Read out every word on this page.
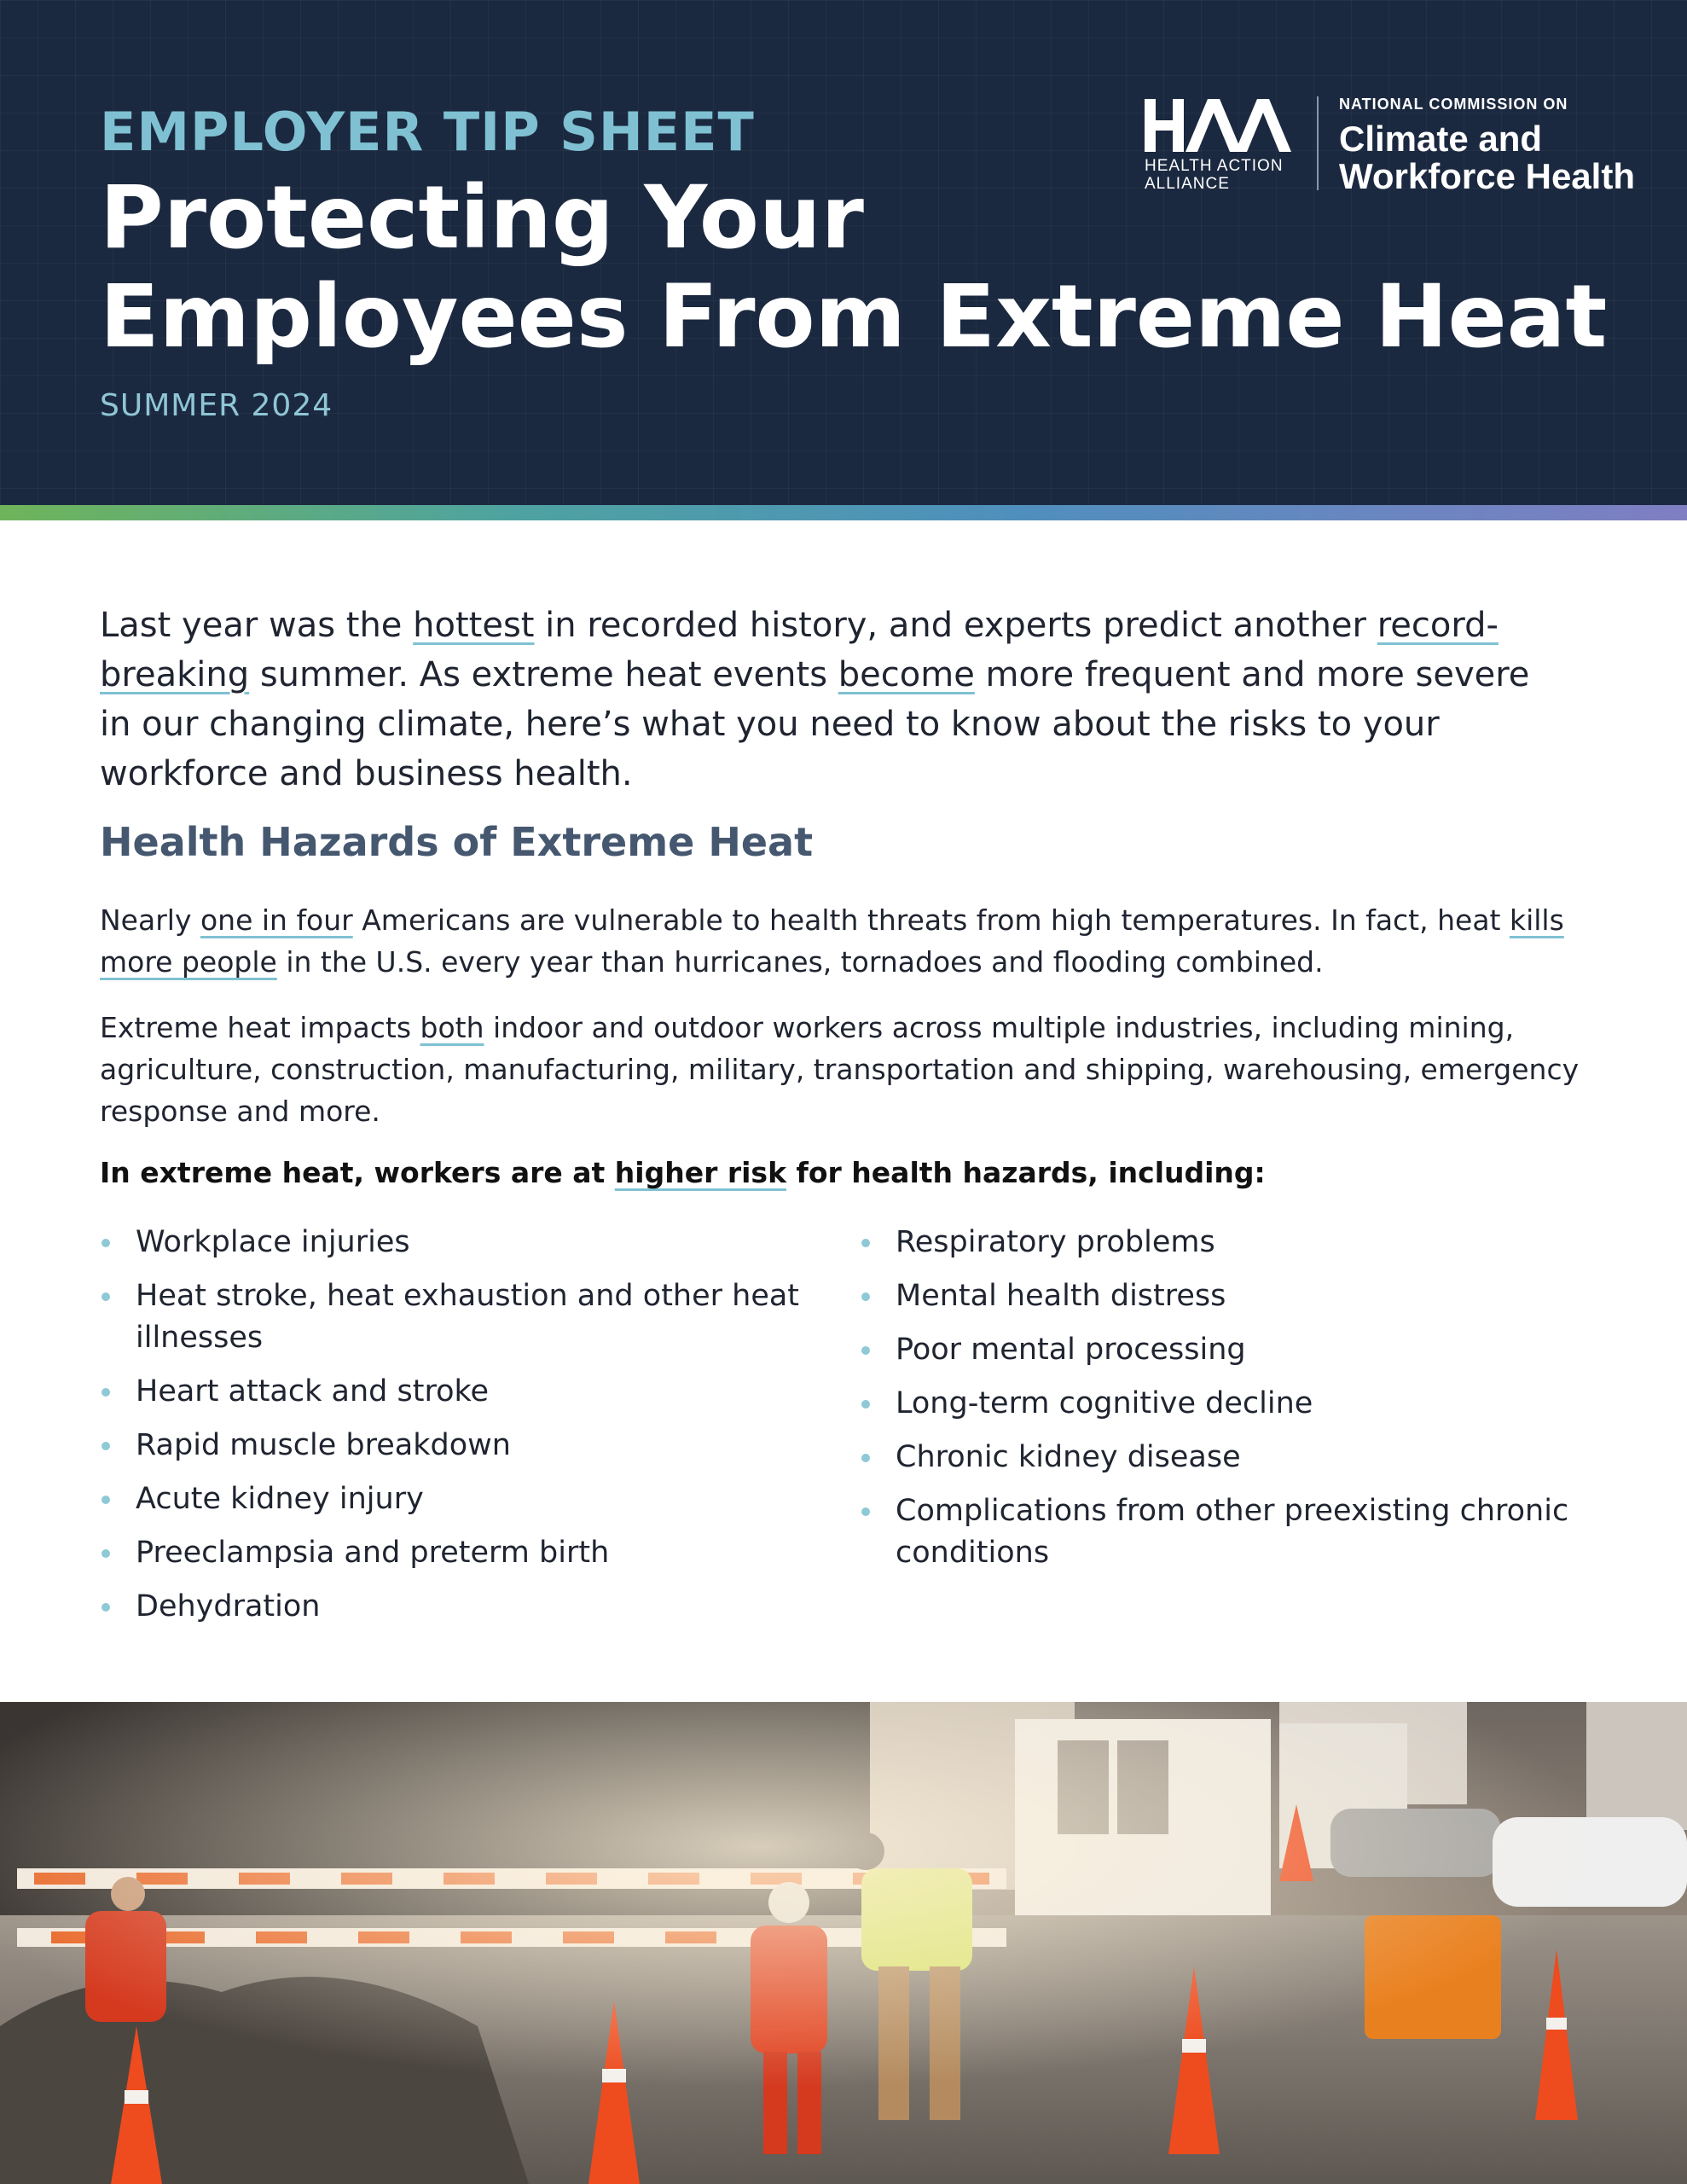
EMPLOYER TIP SHEET
Protecting Your
Employees From Extreme Heat
SUMMER 2024
HEALTH ACTION
ALLIANCE
NATIONAL COMMISSION ON
Climate and
Workforce Health

Last year was the hottest in recorded history, and experts predict another record-breaking summer. As extreme heat events become more frequent and more severe in our changing climate, here’s what you need to know about the risks to your workforce and business health.

Health Hazards of Extreme Heat

Nearly one in four Americans are vulnerable to health threats from high temperatures. In fact, heat kills more people in the U.S. every year than hurricanes, tornadoes and flooding combined.

Extreme heat impacts both indoor and outdoor workers across multiple industries, including mining, agriculture, construction, manufacturing, military, transportation and shipping, warehousing, emergency response and more.

In extreme heat, workers are at higher risk for health hazards, including:

Workplace injuries
Heat stroke, heat exhaustion and other heat illnesses
Heart attack and stroke
Rapid muscle breakdown
Acute kidney injury
Preeclampsia and preterm birth
Dehydration
Respiratory problems
Mental health distress
Poor mental processing
Long-term cognitive decline
Chronic kidney disease
Complications from other preexisting chronic conditions
